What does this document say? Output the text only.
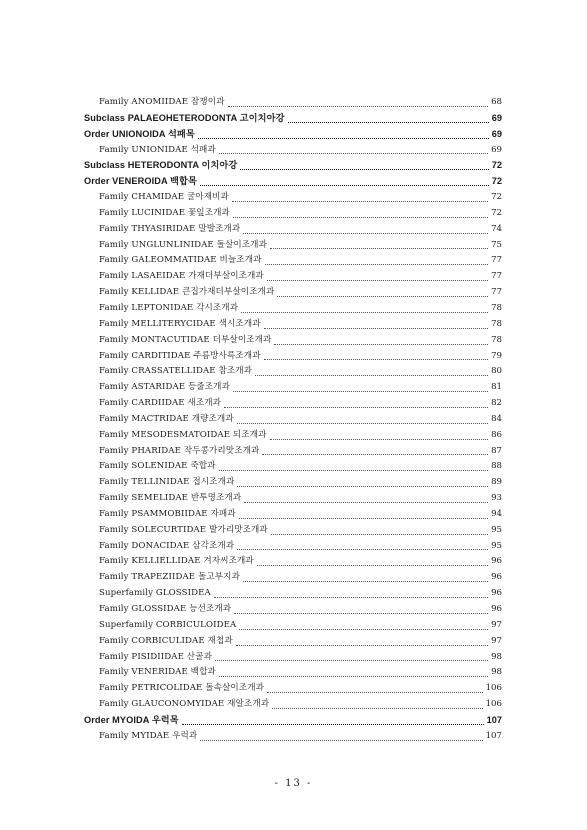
Family ANOMIIDAE 잠쟁이과	68
Subclass PALAEOHETERODONTA 고이치아강	69
Order UNIONOIDA 석패목	69
Family UNIONIDAE 석패과	69
Subclass HETERODONTA 이치아강	72
Order VENEROIDA 백합목	72
Family CHAMIDAE 굴아재비과	72
Family LUCINIDAE 꽃잎조개과	72
Family THYASIRIDAE 말발조개과	74
Family UNGLUNLINIDAE 돌살이조개과	75
Family GALEOMMATIDAE 비늘조개과	77
Family LASAEIDAE 가재더부살이조개과	77
Family KELLIDAE 큰집가재더부살이조개과	77
Family LEPTONIDAE 각시조개과	78
Family MELLITERYCIDAE 색시조개과	78
Family MONTACUTIDAE 더부살이조개과	78
Family CARDITIDAE 주름방사륵조개과	79
Family CRASSATELLIDAE 참조개과	80
Family ASTARIDAE 등줄조개과	81
Family CARDIIDAE 새조개과	82
Family MACTRIDAE 개량조개과	84
Family MESODESMATOIDAE 되조개과	86
Family PHARIDAE 작두콩가리맛조개과	87
Family SOLENIDAE 죽합과	88
Family TELLINIDAE 접시조개과	89
Family SEMELIDAE 반투명조개과	93
Family PSAMMOBIIDAE 자패과	94
Family SOLECURTIDAE 발가리맛조개과	95
Family DONACIDAE 삼각조개과	95
Family KELLIELLIDAE 겨자씨조개과	96
Family TRAPEZIIDAE 돌고부지과	96
Superfamily GLOSSIDEA	96
Family GLOSSIDAE 능선조개과	96
Superfamily CORBICULOIDEA	97
Family CORBICULIDAE 재첩과	97
Family PISIDIIDAE 산골과	98
Family VENERIDAE 백합과	98
Family PETRICOLIDAE 돌속살이조개과	106
Family GLAUCONOMYIDAE 재알조개과	106
Order MYOIDA 우럭목	107
Family MYIDAE 우럭과	107
- 13 -
